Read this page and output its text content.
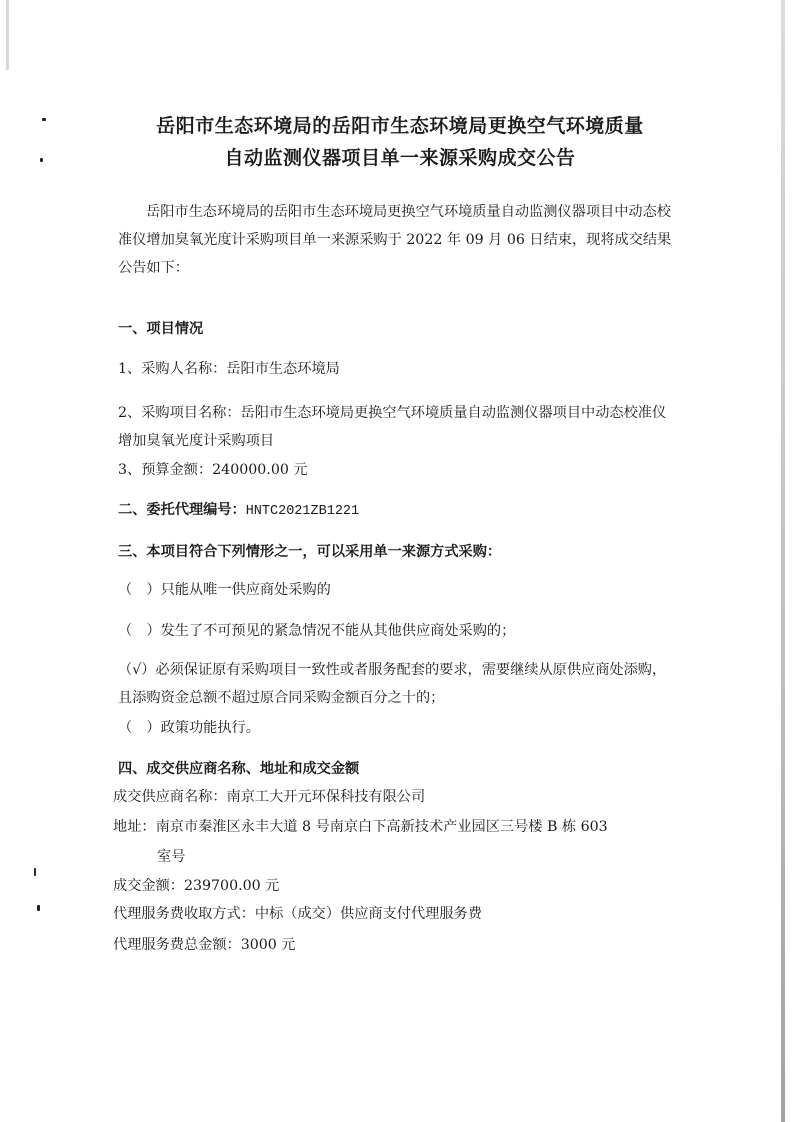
岳阳市生态环境局的岳阳市生态环境局更换空气环境质量
自动监测仪器项目单一来源采购成交公告
岳阳市生态环境局的岳阳市生态环境局更换空气环境质量自动监测仪器项目中动态校准仪增加臭氧光度计采购项目单一来源采购于 2022 年 09 月 06 日结束，现将成交结果公告如下：
一、项目情况
1、采购人名称：岳阳市生态环境局
2、采购项目名称：岳阳市生态环境局更换空气环境质量自动监测仪器项目中动态校准仪增加臭氧光度计采购项目
3、预算金额：240000.00 元
二、委托代理编号：HNTC2021ZB1221
三、本项目符合下列情形之一，可以采用单一来源方式采购：
（　）只能从唯一供应商处采购的
（　）发生了不可预见的紧急情况不能从其他供应商处采购的；
（√）必须保证原有采购项目一致性或者服务配套的要求，需要继续从原供应商处添购，且添购资金总额不超过原合同采购金额百分之十的；
（　）政策功能执行。
四、成交供应商名称、地址和成交金额
成交供应商名称：南京工大开元环保科技有限公司
地址：南京市秦淮区永丰大道 8 号南京白下高新技术产业园区三号楼 B 栋 603
室号
成交金额：239700.00 元
代理服务费收取方式：中标（成交）供应商支付代理服务费
代理服务费总金额：3000 元
